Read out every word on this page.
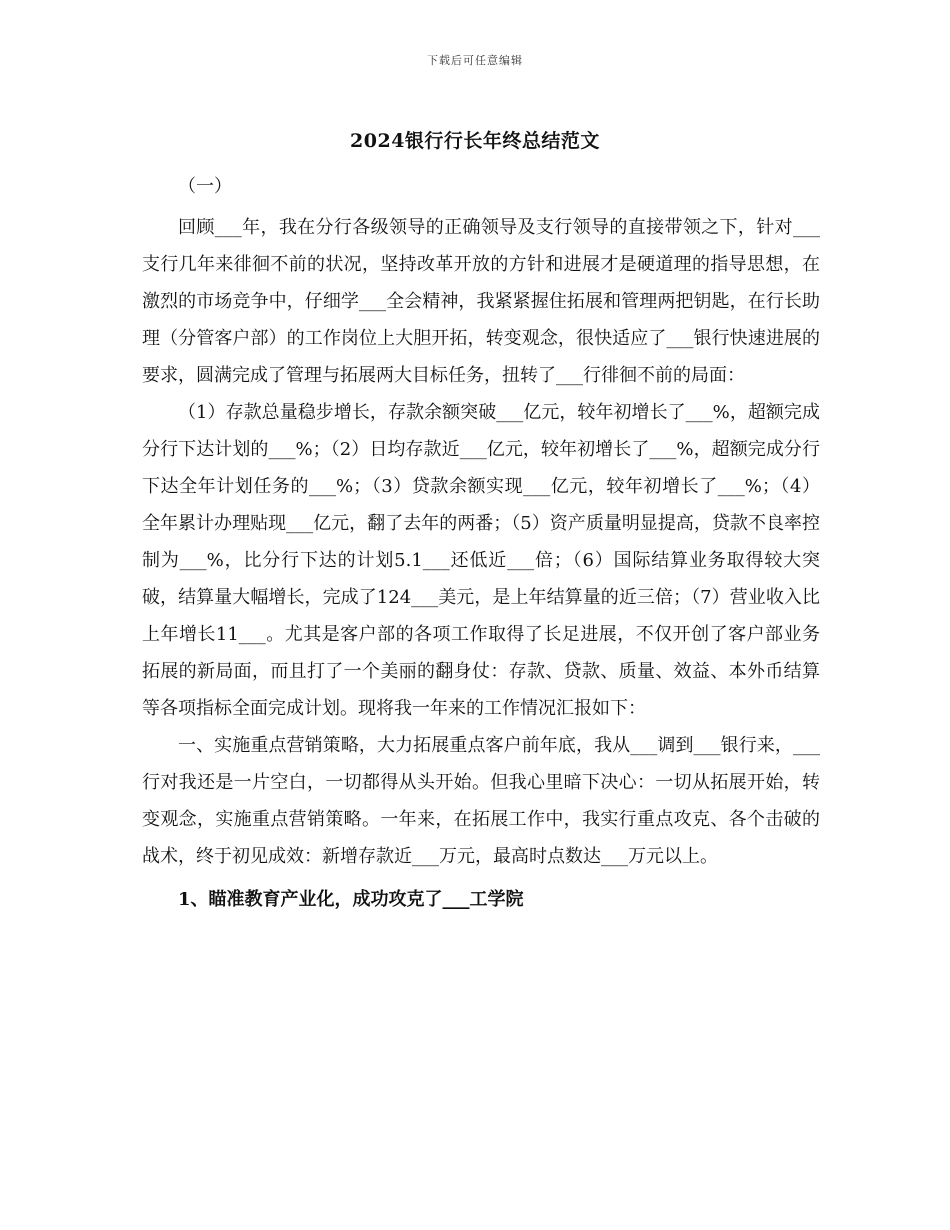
下载后可任意编辑
2024银行行长年终总结范文

（一）

回顾___年，我在分行各级领导的正确领导及支行领导的直接带领之下，针对___支行几年来徘徊不前的状况，坚持改革开放的方针和进展才是硬道理的指导思想，在激烈的市场竞争中，仔细学___全会精神，我紧紧握住拓展和管理两把钥匙，在行长助理（分管客户部）的工作岗位上大胆开拓，转变观念，很快适应了___银行快速进展的要求，圆满完成了管理与拓展两大目标任务，扭转了___行徘徊不前的局面：

（1）存款总量稳步增长，存款余额突破___亿元，较年初增长了___%，超额完成分行下达计划的___%；（2）日均存款近___亿元，较年初增长了___%，超额完成分行下达全年计划任务的___%；（3）贷款余额实现___亿元，较年初增长了___%；（4）全年累计办理贴现___亿元，翻了去年的两番；（5）资产质量明显提高，贷款不良率控制为___%，比分行下达的计划5.1___还低近___倍；（6）国际结算业务取得较大突破，结算量大幅增长，完成了124___美元，是上年结算量的近三倍；（7）营业收入比上年增长11___。尤其是客户部的各项工作取得了长足进展，不仅开创了客户部业务拓展的新局面，而且打了一个美丽的翻身仗：存款、贷款、质量、效益、本外币结算等各项指标全面完成计划。现将我一年来的工作情况汇报如下：

一、实施重点营销策略，大力拓展重点客户前年底，我从___调到___银行来，___行对我还是一片空白，一切都得从头开始。但我心里暗下决心：一切从拓展开始，转变观念，实施重点营销策略。一年来，在拓展工作中，我实行重点攻克、各个击破的战术，终于初见成效：新增存款近___万元，最高时点数达___万元以上。

1、瞄准教育产业化，成功攻克了___工学院
